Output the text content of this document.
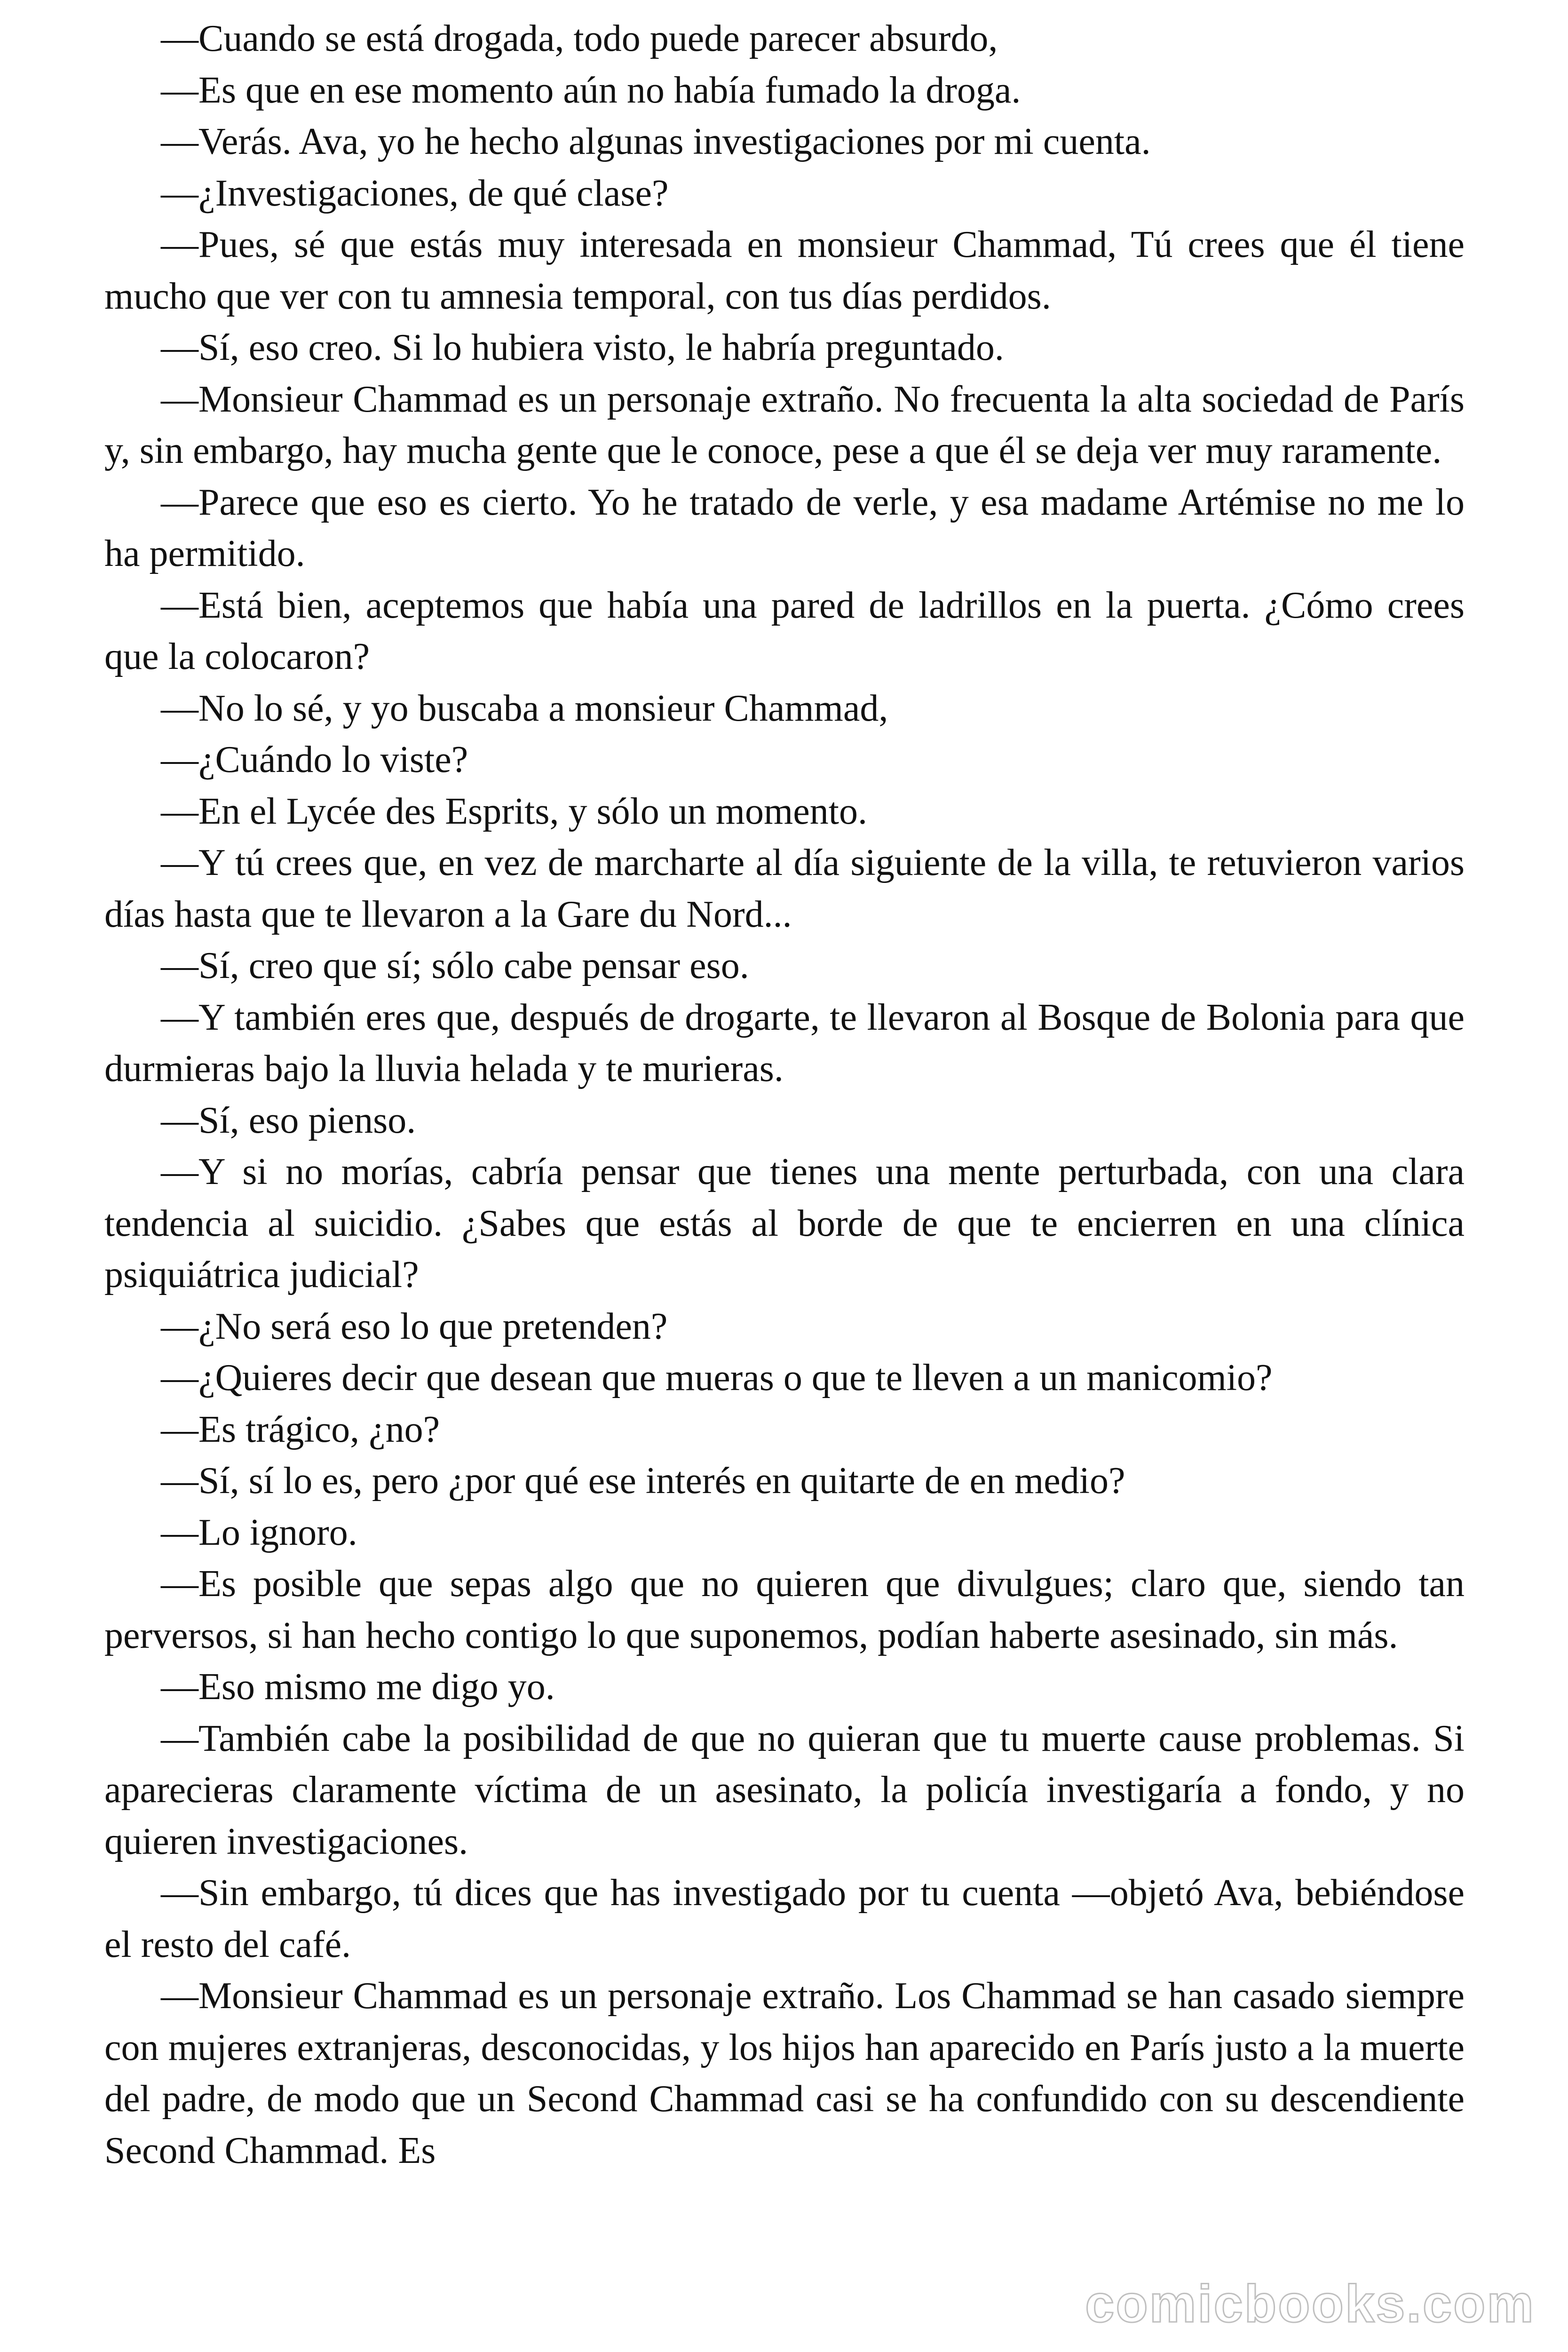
—Cuando se está drogada, todo puede parecer absurdo,

—Es que en ese momento aún no había fumado la droga.

—Verás. Ava, yo he hecho algunas investigaciones por mi cuenta.

—¿Investigaciones, de qué clase?

—Pues, sé que estás muy interesada en monsieur Chammad, Tú crees que él tiene mucho que ver con tu amnesia temporal, con tus días perdidos.

—Sí, eso creo. Si lo hubiera visto, le habría preguntado.

—Monsieur Chammad es un personaje extraño. No frecuenta la alta sociedad de París y, sin embargo, hay mucha gente que le conoce, pese a que él se deja ver muy raramente.

—Parece que eso es cierto. Yo he tratado de verle, y esa madame Artémise no me lo ha permitido.

—Está bien, aceptemos que había una pared de ladrillos en la puerta. ¿Cómo crees que la colocaron?

—No lo sé, y yo buscaba a monsieur Chammad,

—¿Cuándo lo viste?

—En el Lycée des Esprits, y sólo un momento.

—Y tú crees que, en vez de marcharte al día siguiente de la villa, te retuvieron varios días hasta que te llevaron a la Gare du Nord...

—Sí, creo que sí; sólo cabe pensar eso.

—Y también eres que, después de drogarte, te llevaron al Bosque de Bolonia para que durmieras bajo la lluvia helada y te murieras.

—Sí, eso pienso.

—Y si no morías, cabría pensar que tienes una mente perturbada, con una clara tendencia al suicidio. ¿Sabes que estás al borde de que te encierren en una clínica psiquiátrica judicial?

—¿No será eso lo que pretenden?

—¿Quieres decir que desean que mueras o que te lleven a un manicomio?

—Es trágico, ¿no?

—Sí, sí lo es, pero ¿por qué ese interés en quitarte de en medio?

—Lo ignoro.

—Es posible que sepas algo que no quieren que divulgues; claro que, siendo tan perversos, si han hecho contigo lo que suponemos, podían haberte asesinado, sin más.

—Eso mismo me digo yo.

—También cabe la posibilidad de que no quieran que tu muerte cause problemas. Si aparecieras claramente víctima de un asesinato, la policía investigaría a fondo, y no quieren investigaciones.

—Sin embargo, tú dices que has investigado por tu cuenta —objetó Ava, bebiéndose el resto del café.

—Monsieur Chammad es un personaje extraño. Los Chammad se han casado siempre con mujeres extranjeras, desconocidas, y los hijos han aparecido en París justo a la muerte del padre, de modo que un Second Chammad casi se ha confundido con su descendiente Second Chammad. Es

comicbooks.com
